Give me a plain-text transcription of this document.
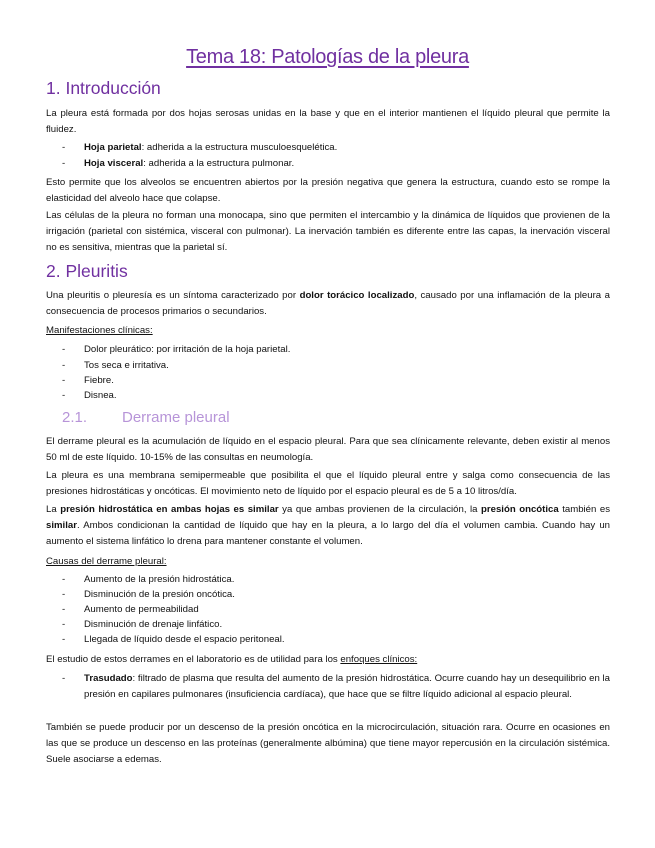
Tema 18: Patologías de la pleura
1. Introducción
La pleura está formada por dos hojas serosas unidas en la base y que en el interior mantienen el líquido pleural que permite la fluidez.
- Hoja parietal: adherida a la estructura musculoesquelética.
- Hoja visceral: adherida a la estructura pulmonar.
Esto permite que los alveolos se encuentren abiertos por la presión negativa que genera la estructura, cuando esto se rompe la elasticidad del alveolo hace que colapse.
Las células de la pleura no forman una monocapa, sino que permiten el intercambio y la dinámica de líquidos que provienen de la irrigación (parietal con sistémica, visceral con pulmonar). La inervación también es diferente entre las capas, la inervación visceral no es sensitiva, mientras que la parietal sí.
2. Pleuritis
Una pleuritis o pleuresía es un síntoma caracterizado por dolor torácico localizado, causado por una inflamación de la pleura a consecuencia de procesos primarios o secundarios.
Manifestaciones clínicas:
- Dolor pleurático: por irritación de la hoja parietal.
- Tos seca e irritativa.
- Fiebre.
- Disnea.
2.1. Derrame pleural
El derrame pleural es la acumulación de líquido en el espacio pleural. Para que sea clínicamente relevante, deben existir al menos 50 ml de este líquido. 10-15% de las consultas en neumología.
La pleura es una membrana semipermeable que posibilita el que el líquido pleural entre y salga como consecuencia de las presiones hidrostáticas y oncóticas. El movimiento neto de líquido por el espacio pleural es de 5 a 10 litros/día.
La presión hidrostática en ambas hojas es similar ya que ambas provienen de la circulación, la presión oncótica también es similar. Ambos condicionan la cantidad de líquido que hay en la pleura, a lo largo del día el volumen cambia. Cuando hay un aumento el sistema linfático lo drena para mantener constante el volumen.
Causas del derrame pleural:
- Aumento de la presión hidrostática.
- Disminución de la presión oncótica.
- Aumento de permeabilidad
- Disminución de drenaje linfático.
- Llegada de líquido desde el espacio peritoneal.
El estudio de estos derrames en el laboratorio es de utilidad para los enfoques clínicos:
- Trasudado: filtrado de plasma que resulta del aumento de la presión hidrostática. Ocurre cuando hay un desequilibrio en la presión en capilares pulmonares (insuficiencia cardíaca), que hace que se filtre líquido adicional al espacio pleural.
También se puede producir por un descenso de la presión oncótica en la microcirculación, situación rara. Ocurre en ocasiones en las que se produce un descenso en las proteínas (generalmente albúmina) que tiene mayor repercusión en la circulación sistémica. Suele asociarse a edemas.
